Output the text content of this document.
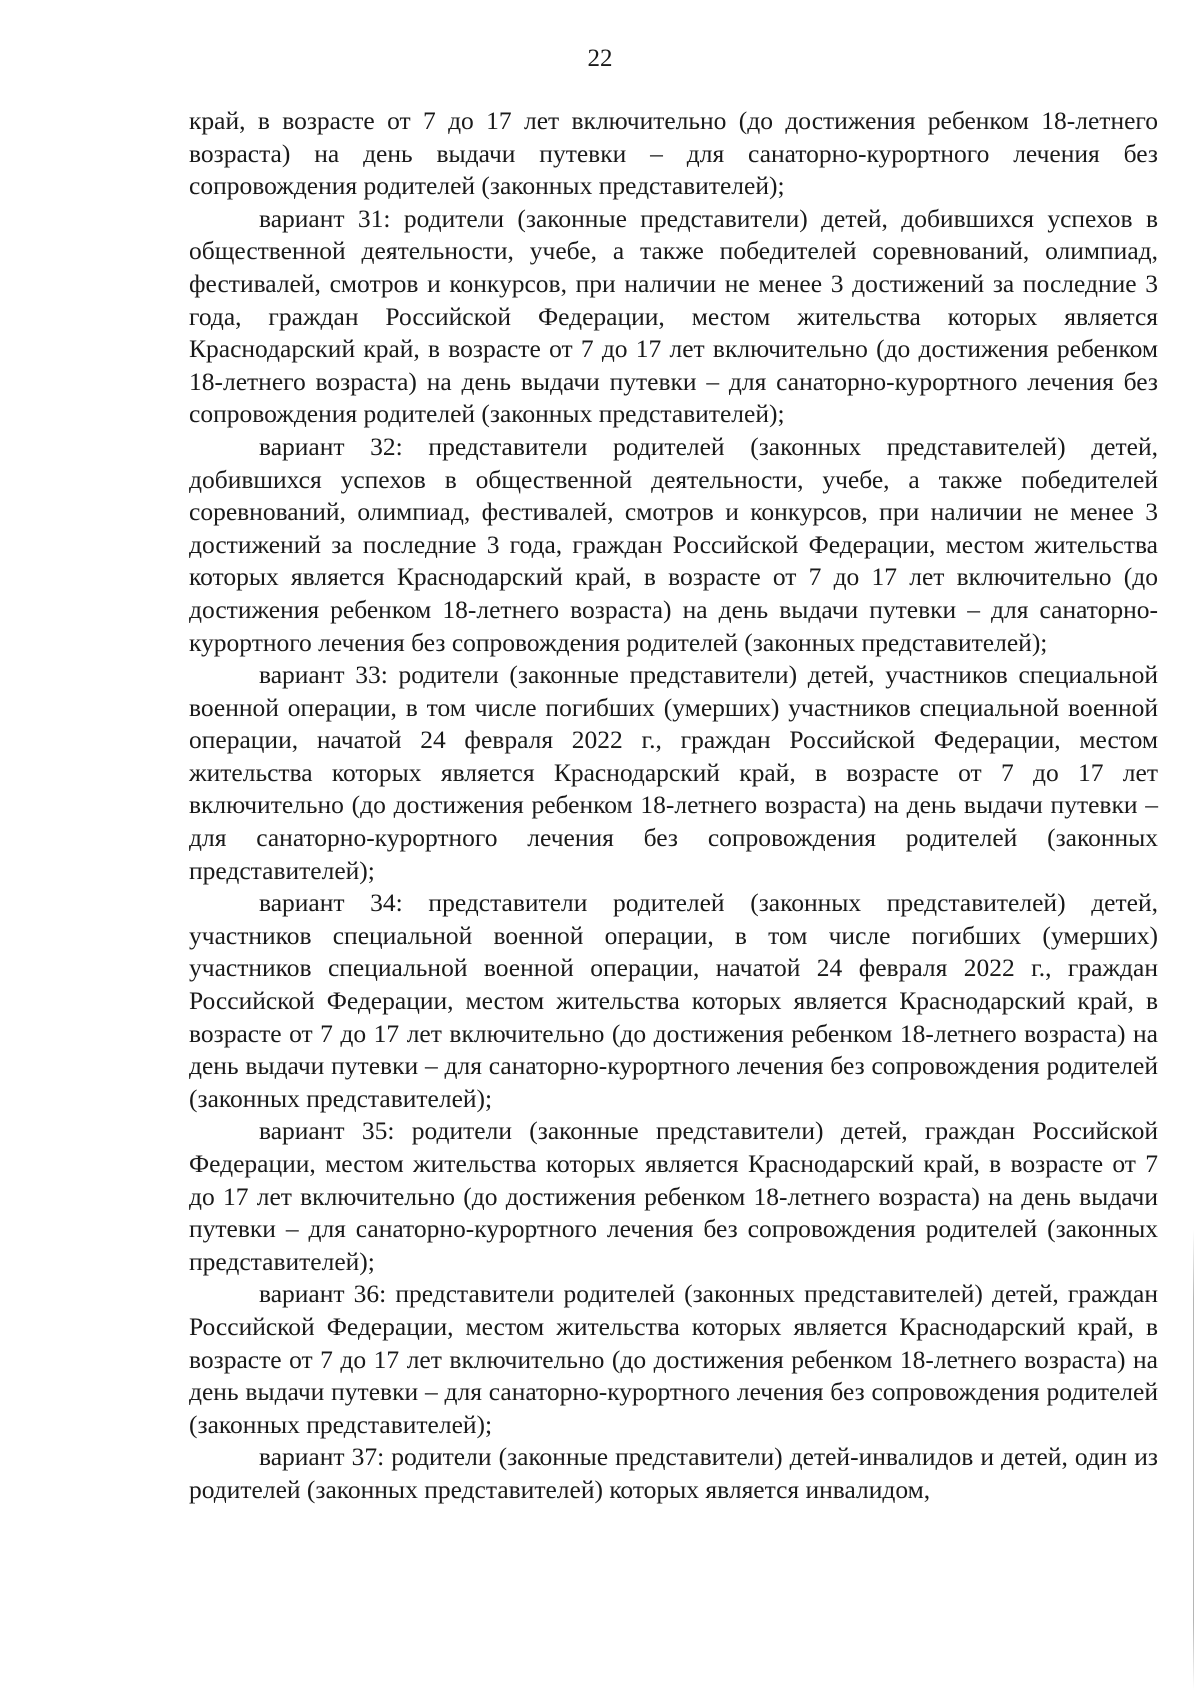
22

край, в возрасте от 7 до 17 лет включительно (до достижения ребенком 18-летнего возраста) на день выдачи путевки – для санаторно-курортного лечения без сопровождения родителей (законных представителей);

вариант 31: родители (законные представители) детей, добившихся успехов в общественной деятельности, учебе, а также победителей соревнований, олимпиад, фестивалей, смотров и конкурсов, при наличии не менее 3 достижений за последние 3 года, граждан Российской Федерации, местом жительства которых является Краснодарский край, в возрасте от 7 до 17 лет включительно (до достижения ребенком 18-летнего возраста) на день выдачи путевки – для санаторно-курортного лечения без сопровождения родителей (законных представителей);

вариант 32: представители родителей (законных представителей) детей, добившихся успехов в общественной деятельности, учебе, а также победителей соревнований, олимпиад, фестивалей, смотров и конкурсов, при наличии не менее 3 достижений за последние 3 года, граждан Российской Федерации, местом жительства которых является Краснодарский край, в возрасте от 7 до 17 лет включительно (до достижения ребенком 18-летнего возраста) на день выдачи путевки – для санаторно-курортного лечения без сопровождения родителей (законных представителей);

вариант 33: родители (законные представители) детей, участников специальной военной операции, в том числе погибших (умерших) участников специальной военной операции, начатой 24 февраля 2022 г., граждан Российской Федерации, местом жительства которых является Краснодарский край, в возрасте от 7 до 17 лет включительно (до достижения ребенком 18-летнего возраста) на день выдачи путевки – для санаторно-курортного лечения без сопровождения родителей (законных представителей);

вариант 34: представители родителей (законных представителей) детей, участников специальной военной операции, в том числе погибших (умерших) участников специальной военной операции, начатой 24 февраля 2022 г., граждан Российской Федерации, местом жительства которых является Краснодарский край, в возрасте от 7 до 17 лет включительно (до достижения ребенком 18-летнего возраста) на день выдачи путевки – для санаторно-курортного лечения без сопровождения родителей (законных представителей);

вариант 35: родители (законные представители) детей, граждан Российской Федерации, местом жительства которых является Краснодарский край, в возрасте от 7 до 17 лет включительно (до достижения ребенком 18-летнего возраста) на день выдачи путевки – для санаторно-курортного лечения без сопровождения родителей (законных представителей);

вариант 36: представители родителей (законных представителей) детей, граждан Российской Федерации, местом жительства которых является Краснодарский край, в возрасте от 7 до 17 лет включительно (до достижения ребенком 18-летнего возраста) на день выдачи путевки – для санаторно-курортного лечения без сопровождения родителей (законных представителей);

вариант 37: родители (законные представители) детей-инвалидов и детей, один из родителей (законных представителей) которых является инвалидом,
